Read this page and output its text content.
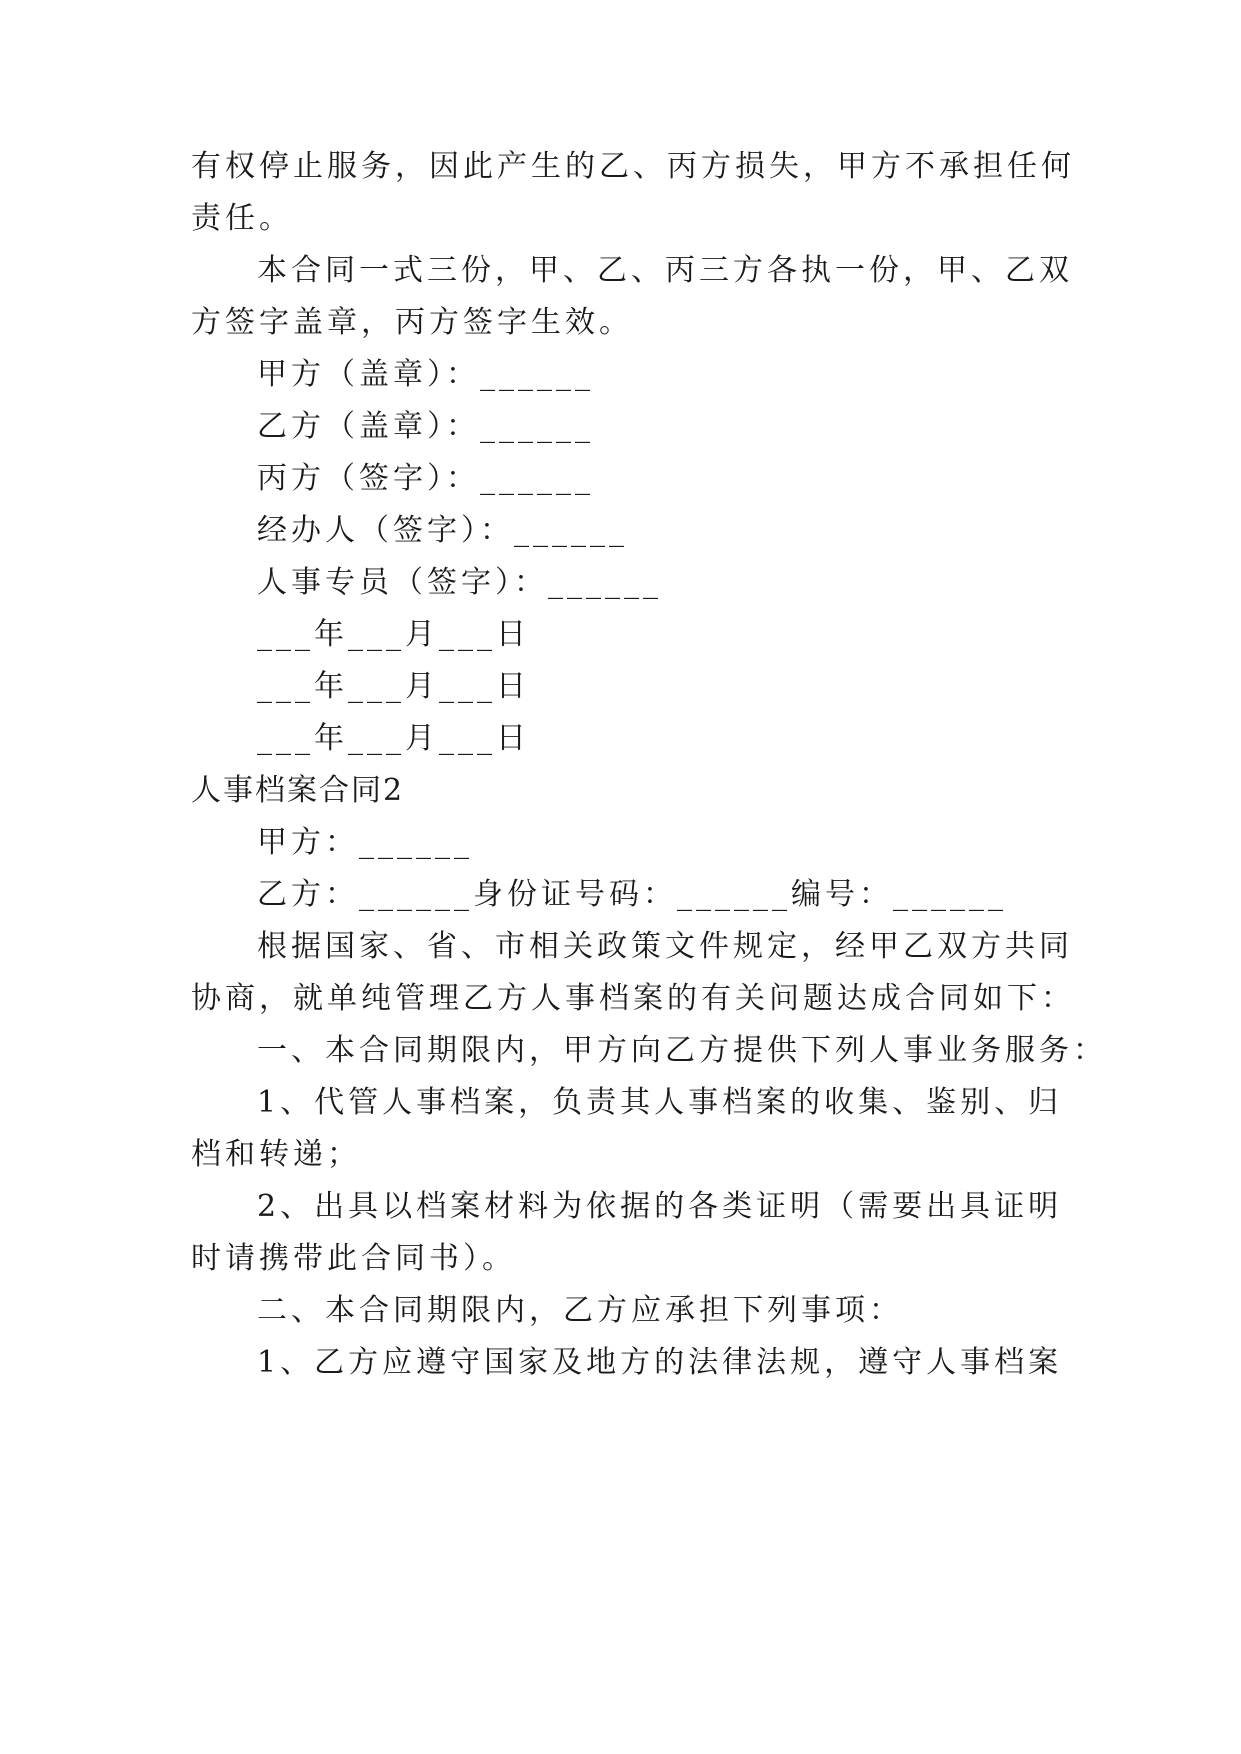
有权停止服务，因此产生的乙、丙方损失，甲方不承担任何
责任。
本合同一式三份，甲、乙、丙三方各执一份，甲、乙双
方签字盖章，丙方签字生效。
甲方（盖章）：______
乙方（盖章）：______
丙方（签字）：______
经办人（签字）：______
人事专员（签字）：______
___年___月___日
___年___月___日
___年___月___日
人事档案合同2
甲方：______
乙方：______身份证号码：______编号：______
根据国家、省、市相关政策文件规定，经甲乙双方共同
协商，就单纯管理乙方人事档案的有关问题达成合同如下：
一、本合同期限内，甲方向乙方提供下列人事业务服务：
1、代管人事档案，负责其人事档案的收集、鉴别、归
档和转递；
2、出具以档案材料为依据的各类证明（需要出具证明
时请携带此合同书）。
二、本合同期限内，乙方应承担下列事项：
1、乙方应遵守国家及地方的法律法规，遵守人事档案
